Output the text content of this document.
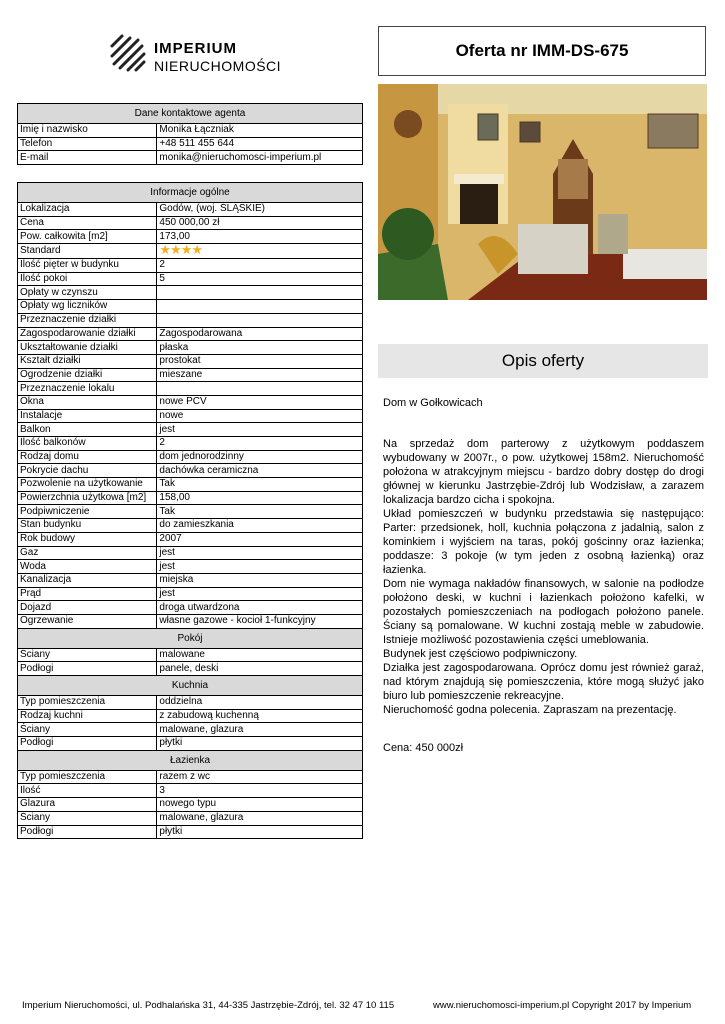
IMPERIUM
NIERUCHOMOŚCI
Oferta nr IMM-DS-675
Opis oferty
Dom w Gołkowicach

Na sprzedaż dom parterowy z użytkowym poddaszem wybudowany w 2007r., o pow. użytkowej 158m2. Nieruchomość położona w atrakcyjnym miejscu - bardzo dobry dostęp do drogi głównej w kierunku Jastrzębie-Zdrój lub Wodzisław, a zarazem lokalizacja bardzo cicha i spokojna.

Układ pomieszczeń w budynku przedstawia się następująco: Parter: przedsionek, holl, kuchnia połączona z jadalnią, salon z kominkiem i wyjściem na taras, pokój gościnny oraz łazienka; poddasze: 3 pokoje (w tym jeden z osobną łazienką) oraz łazienka.

Dom nie wymaga nakładów finansowych, w salonie na podłodze położono deski, w kuchni i łazienkach położono kafelki, w pozostałych pomieszczeniach na podłogach położono panele. Ściany są pomalowane. W kuchni zostają meble w zabudowie. Istnieje możliwość pozostawienia części umeblowania.

Budynek jest częściowo podpiwniczony.

Działka jest zagospodarowana. Oprócz domu jest również garaż, nad którym znajdują się pomieszczenia, które mogą służyć jako biuro lub pomieszczenie rekreacyjne.

Nieruchomość godna polecenia. Zapraszam na prezentację.

Cena: 450 000zł
Dane kontaktowe agenta	
Imię i nazwisko	Monika Łączniak
Telefon	+48 511 455 644
E-mail	monika@nieruchomosci-imperium.pl
Informacje ogólne	
Lokalizacja	Godów, (woj. ŚLĄSKIE)
Cena	450 000,00 zł
Pow. całkowita [m2]	173,00
Standard	★★★★
Ilość pięter w budynku	2
Ilość pokoi	5
Opłaty w czynszu	
Opłaty wg liczników	
Przeznaczenie działki	
Zagospodarowanie działki	Zagospodarowana
Ukształtowanie działki	płaska
Kształt działki	prostokat
Ogrodzenie działki	mieszane
Przeznaczenie lokalu	
Okna	nowe PCV
Instalacje	nowe
Balkon	jest
Ilość balkonów	2
Rodzaj domu	dom jednorodzinny
Pokrycie dachu	dachówka ceramiczna
Pozwolenie na użytkowanie	Tak
Powierzchnia użytkowa [m2]	158,00
Podpiwniczenie	Tak
Stan budynku	do zamieszkania
Rok budowy	2007
Gaz	jest
Woda	jest
Kanalizacja	miejska
Prąd	jest
Dojazd	droga utwardzona
Ogrzewanie	własne gazowe - kocioł 1-funkcyjny
Pokój	
Ściany	malowane
Podłogi	panele, deski
Kuchnia	
Typ pomieszczenia	oddzielna
Rodzaj kuchni	z zabudową kuchenną
Ściany	malowane, glazura
Podłogi	płytki
Łazienka	
Typ pomieszczenia	razem z wc
Ilość	3
Glazura	nowego typu
Ściany	malowane, glazura
Podłogi	płytki
Imperium Nieruchomości, ul. Podhalańska 31, 44-335 Jastrzębie-Zdrój, tel. 32 47 10 115	www.nieruchomosci-imperium.pl Copyright 2017 by Imperium
